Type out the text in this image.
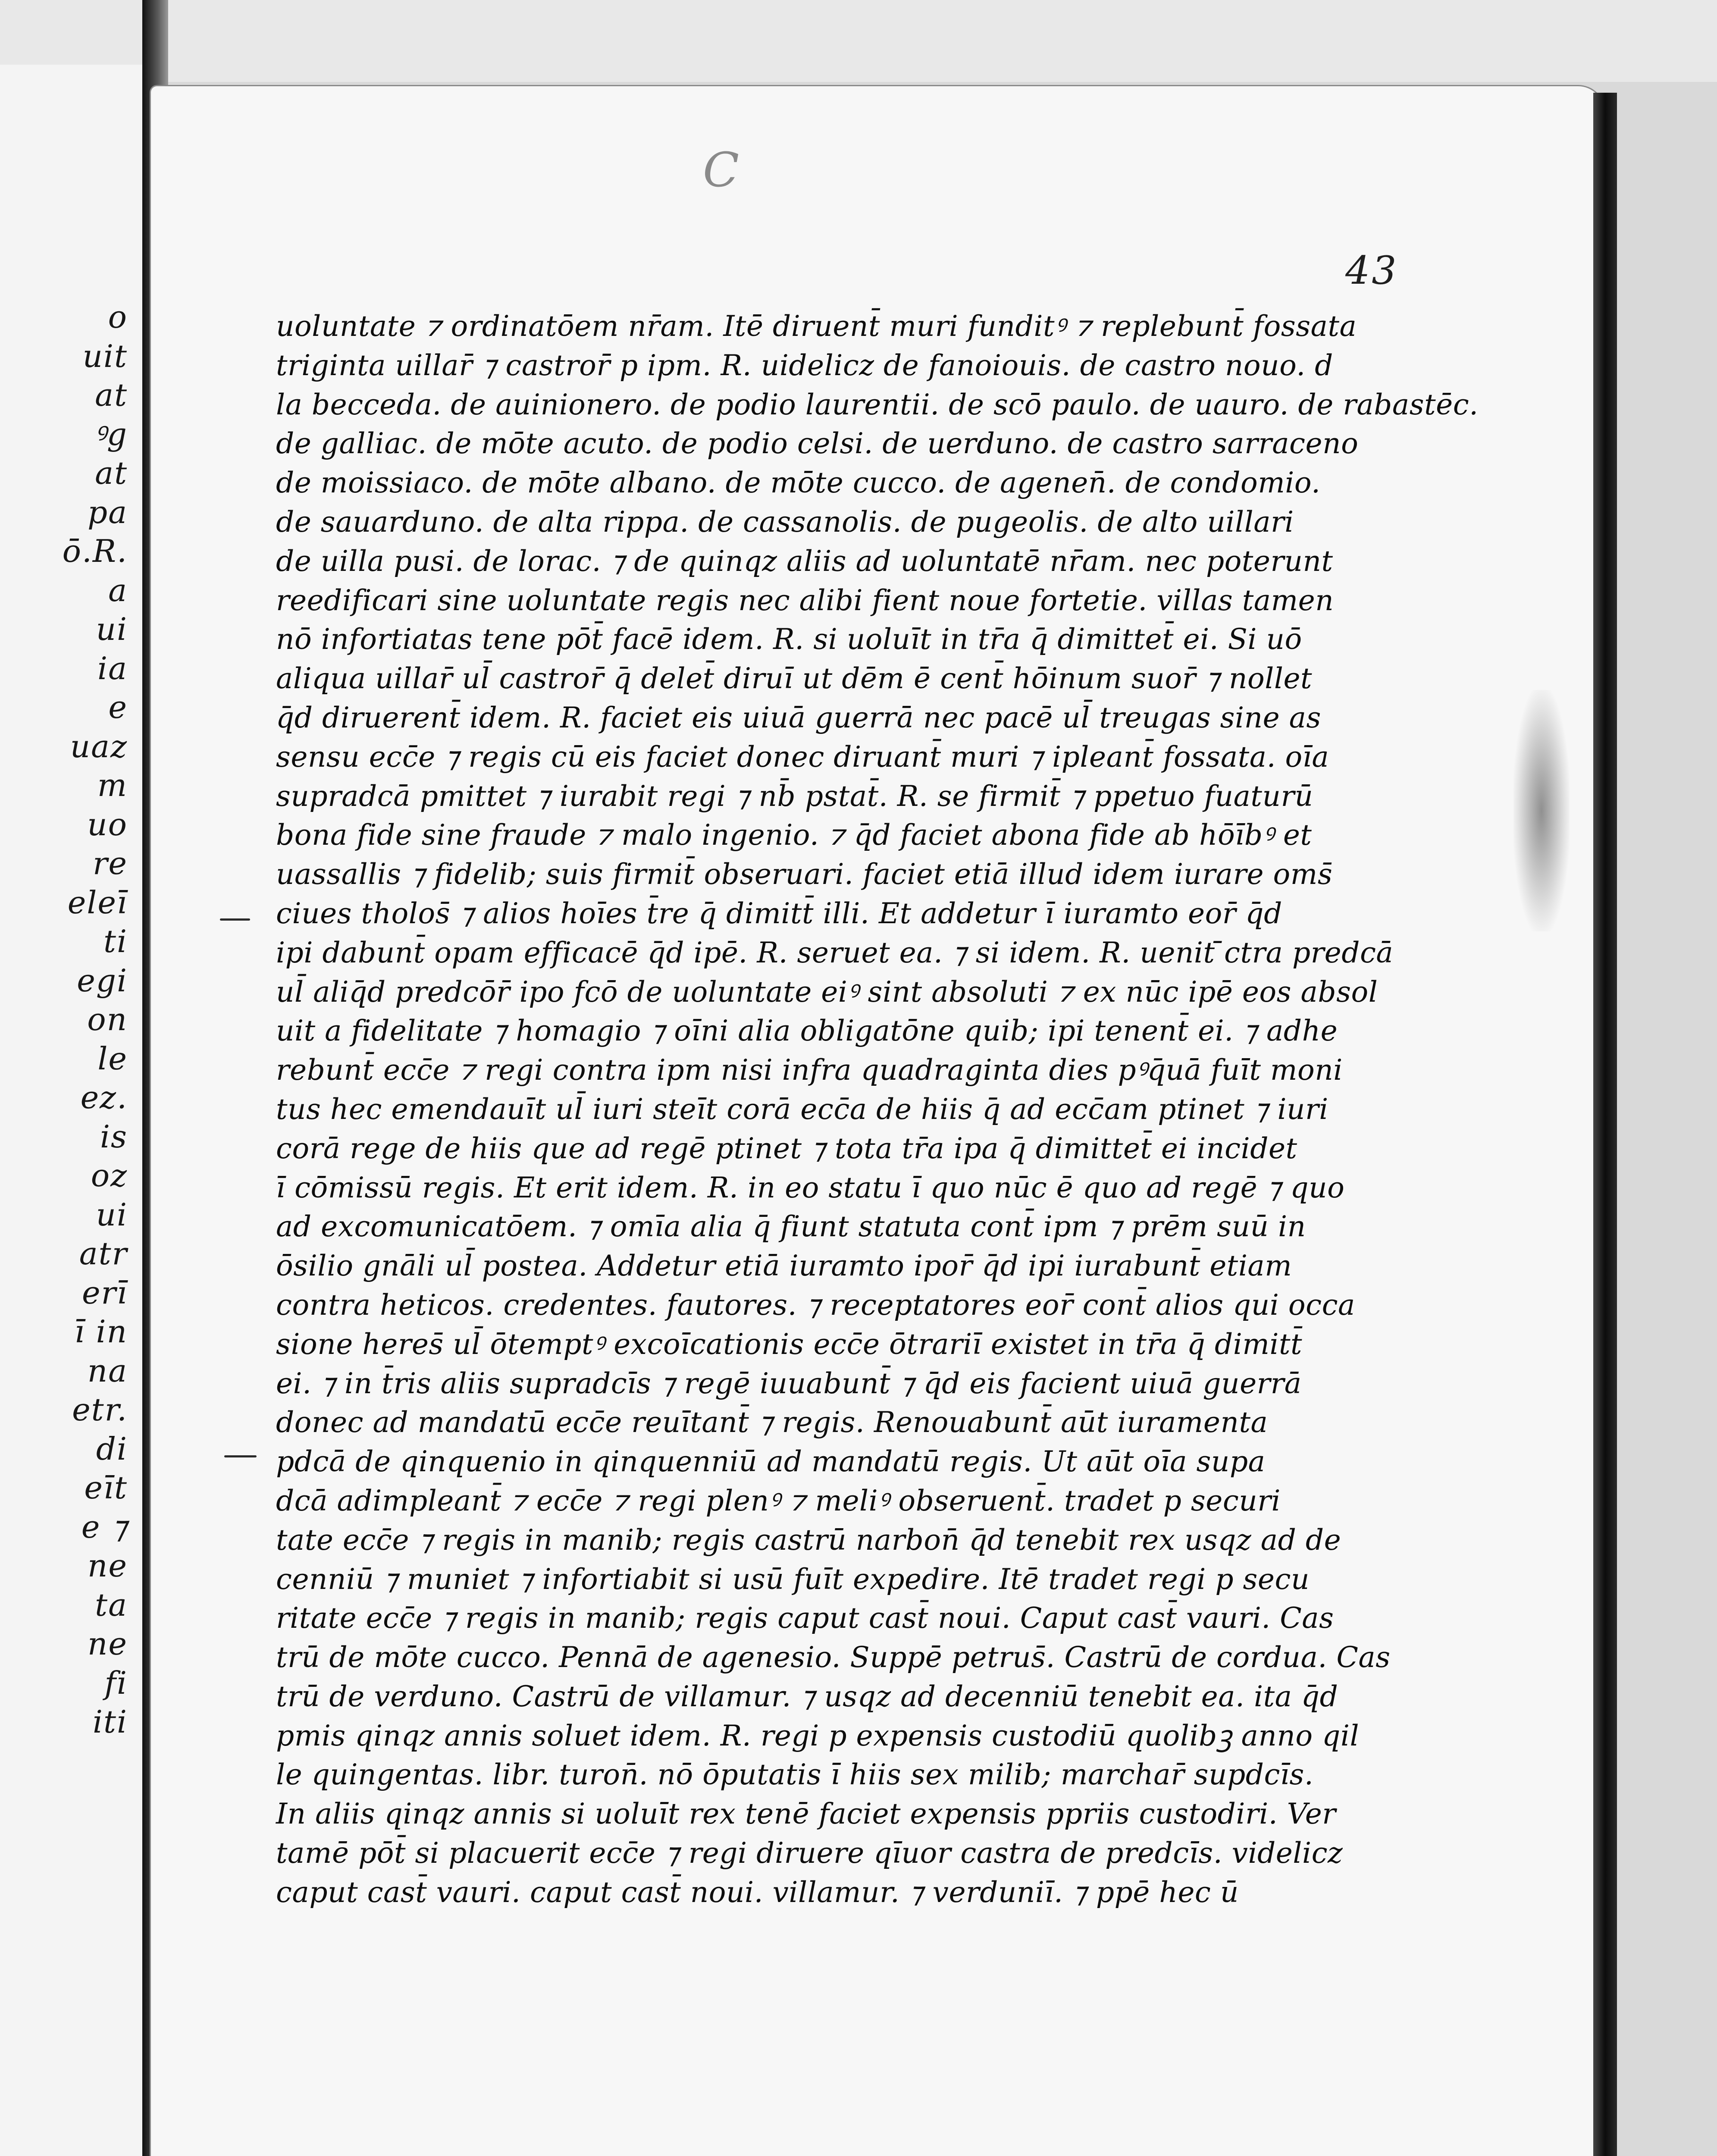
o
uit
at
ꝰg
at
pa
ō.R.
a
ui
ia
e
uaz
m
uo
re
eleī
ti
egi
on
le
ez.
is
oz
ui
atr
erī
ī in
na
etr.
di
eīt
e ⁊
ne
ta
ne
fi
iti
C
43
uoluntate ⁊ ordinatōem nr̄am. Itē diruent̄ muri funditꝰ ⁊ replebunt̄ fossata
triginta uillar̄ ⁊ castror̄ p ipm. R. uidelicz de fanoiouis. de castro nouo. d
la becceda. de auinionero. de podio laurentii. de scō paulo. de uauro. de rabastēc.
de galliac. de mōte acuto. de podio celsi. de uerduno. de castro sarraceno
de moissiaco. de mōte albano. de mōte cucco. de agenen̄. de condomio.
de sauarduno. de alta rippa. de cassanolis. de pugeolis. de alto uillari
de uilla pusi. de lorac. ⁊ de quinqz aliis ad uoluntatē nr̄am. nec poterunt
reedificari sine uoluntate regis nec alibi fient noue fortetie. villas tamen
nō infortiatas tene pōt̄ facē idem. R. si uoluīt in tr̄a q̄ dimittet̄ ei. Si uō
aliqua uillar̄ ul̄ castror̄ q̄ delet̄ diruī ut dēm ē cent̄ hōinum suor̄ ⁊ nollet
q̄d diruerent̄ idem. R. faciet eis uiuā guerrā nec pacē ul̄ treugas sine as
sensu ecc̄e ⁊ regis cū eis faciet donec diruant̄ muri ⁊ ipleant̄ fossata. oīa
supradcā pmittet ⁊ iurabit regi ⁊ nb̄ pstat̄. R. se firmit̄ ⁊ ppetuo fuaturū
bona fide sine fraude ⁊ malo ingenio. ⁊ q̄d faciet abona fide ab hōībꝰ et
uassallis ⁊ fidelib; suis firmit̄ obseruari. faciet etiā illud idem iurare oms̄
ciues tholos̄ ⁊ alios hoīes t̄re q̄ dimitt̄ illi. Et addetur ī iuramto eor̄ q̄d
ipi dabunt̄ opam efficacē q̄d ipē. R. seruet ea. ⁊ si idem. R. uenit ̄ctra predcā
ul̄ aliq̄d predcōr̄ ipo fcō de uoluntate eiꝰ sint absoluti ⁊ ex nūc ipē eos absol
uit a fidelitate ⁊ homagio ⁊ oīni alia obligatōne quib; ipi tenent̄ ei. ⁊ adhe
rebunt̄ ecc̄e ⁊ regi contra ipm nisi infra quadraginta dies pꝰq̄uā fuīt moni
tus hec emendauīt ul̄ iuri steīt corā ecc̄a de hiis q̄ ad ecc̄am ptinet ⁊ iuri
corā rege de hiis que ad regē ptinet ⁊ tota tr̄a ipa q̄ dimittet̄ ei incidet
ī cōmissū regis. Et erit idem. R. in eo statu ī quo nūc ē quo ad regē ⁊ quo
ad excomunicatōem. ⁊ omīa alia q̄ fiunt statuta cont̄ ipm ⁊ prēm suū in
ōsilio gnāli ul̄ postea. Addetur etiā iuramto ipor̄ q̄d ipi iurabunt̄ etiam
contra heticos. credentes. fautores. ⁊ receptatores eor̄ cont̄ alios qui occa
sione heres̄ ul̄ ōtemptꝰ excoīcationis ecc̄e ōtrariī existet in tr̄a q̄ dimitt̄
ei. ⁊ in t̄ris aliis supradcīs ⁊ regē iuuabunt̄ ⁊ q̄d eis facient uiuā guerrā
donec ad mandatū ecc̄e reuītant̄ ⁊ regis. Renouabunt̄ aūt iuramenta
pdcā de qinquenio in qinquenniū ad mandatū regis. Ut aūt oīa supa
dcā adimpleant̄ ⁊ ecc̄e ⁊ regi plenꝰ ⁊ meliꝰ obseruent̄. tradet p securi
tate ecc̄e ⁊ regis in manib; regis castrū narbon̄ q̄d tenebit rex usqz ad de
cenniū ⁊ muniet ⁊ infortiabit si usū fuīt expedire. Itē tradet regi p secu
ritate ecc̄e ⁊ regis in manib; regis caput cast̄ noui. Caput cast̄ vauri. Cas
trū de mōte cucco. Pennā de agenesio. Suppē petrus̄. Castrū de cordua. Cas
trū de verduno. Castrū de villamur. ⁊ usqz ad decenniū tenebit ea. ita q̄d
pmis qinqz annis soluet idem. R. regi p expensis custodiū quolibꝫ anno qil
le quingentas. libr. turon̄. nō ōputatis ī hiis sex milib; marchar̄ supdcīs.
In aliis qinqz annis si uoluīt rex tenē faciet expensis ppriis custodiri. Ver
tamē pōt̄ si placuerit ecc̄e ⁊ regi diruere qīuor castra de predcīs. videlicz
caput cast̄ vauri. caput cast̄ noui. villamur. ⁊ verduniī. ⁊ ppē hec ū
